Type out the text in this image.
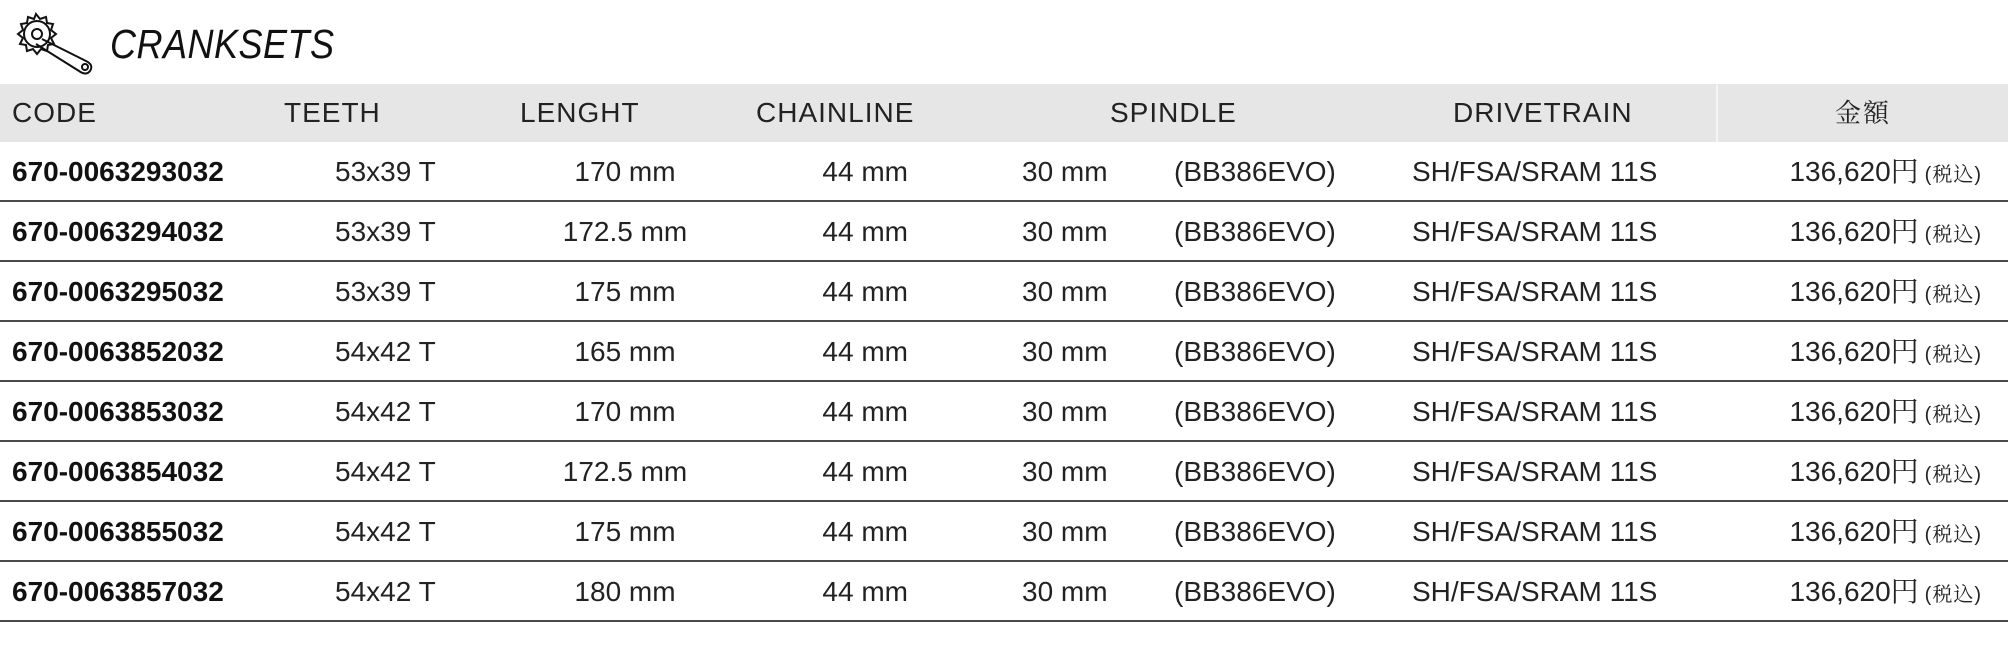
CRANKSETS
CODE	TEETH	LENGHT	CHAINLINE	SPINDLE	DRIVETRAIN	金額
670-0063293032	53x39 T	170 mm	44 mm	30 mm (BB386EVO)	SH/FSA/SRAM 11S	136,620円 (税込)
670-0063294032	53x39 T	172.5 mm	44 mm	30 mm (BB386EVO)	SH/FSA/SRAM 11S	136,620円 (税込)
670-0063295032	53x39 T	175 mm	44 mm	30 mm (BB386EVO)	SH/FSA/SRAM 11S	136,620円 (税込)
670-0063852032	54x42 T	165 mm	44 mm	30 mm (BB386EVO)	SH/FSA/SRAM 11S	136,620円 (税込)
670-0063853032	54x42 T	170 mm	44 mm	30 mm (BB386EVO)	SH/FSA/SRAM 11S	136,620円 (税込)
670-0063854032	54x42 T	172.5 mm	44 mm	30 mm (BB386EVO)	SH/FSA/SRAM 11S	136,620円 (税込)
670-0063855032	54x42 T	175 mm	44 mm	30 mm (BB386EVO)	SH/FSA/SRAM 11S	136,620円 (税込)
670-0063857032	54x42 T	180 mm	44 mm	30 mm (BB386EVO)	SH/FSA/SRAM 11S	136,620円 (税込)
